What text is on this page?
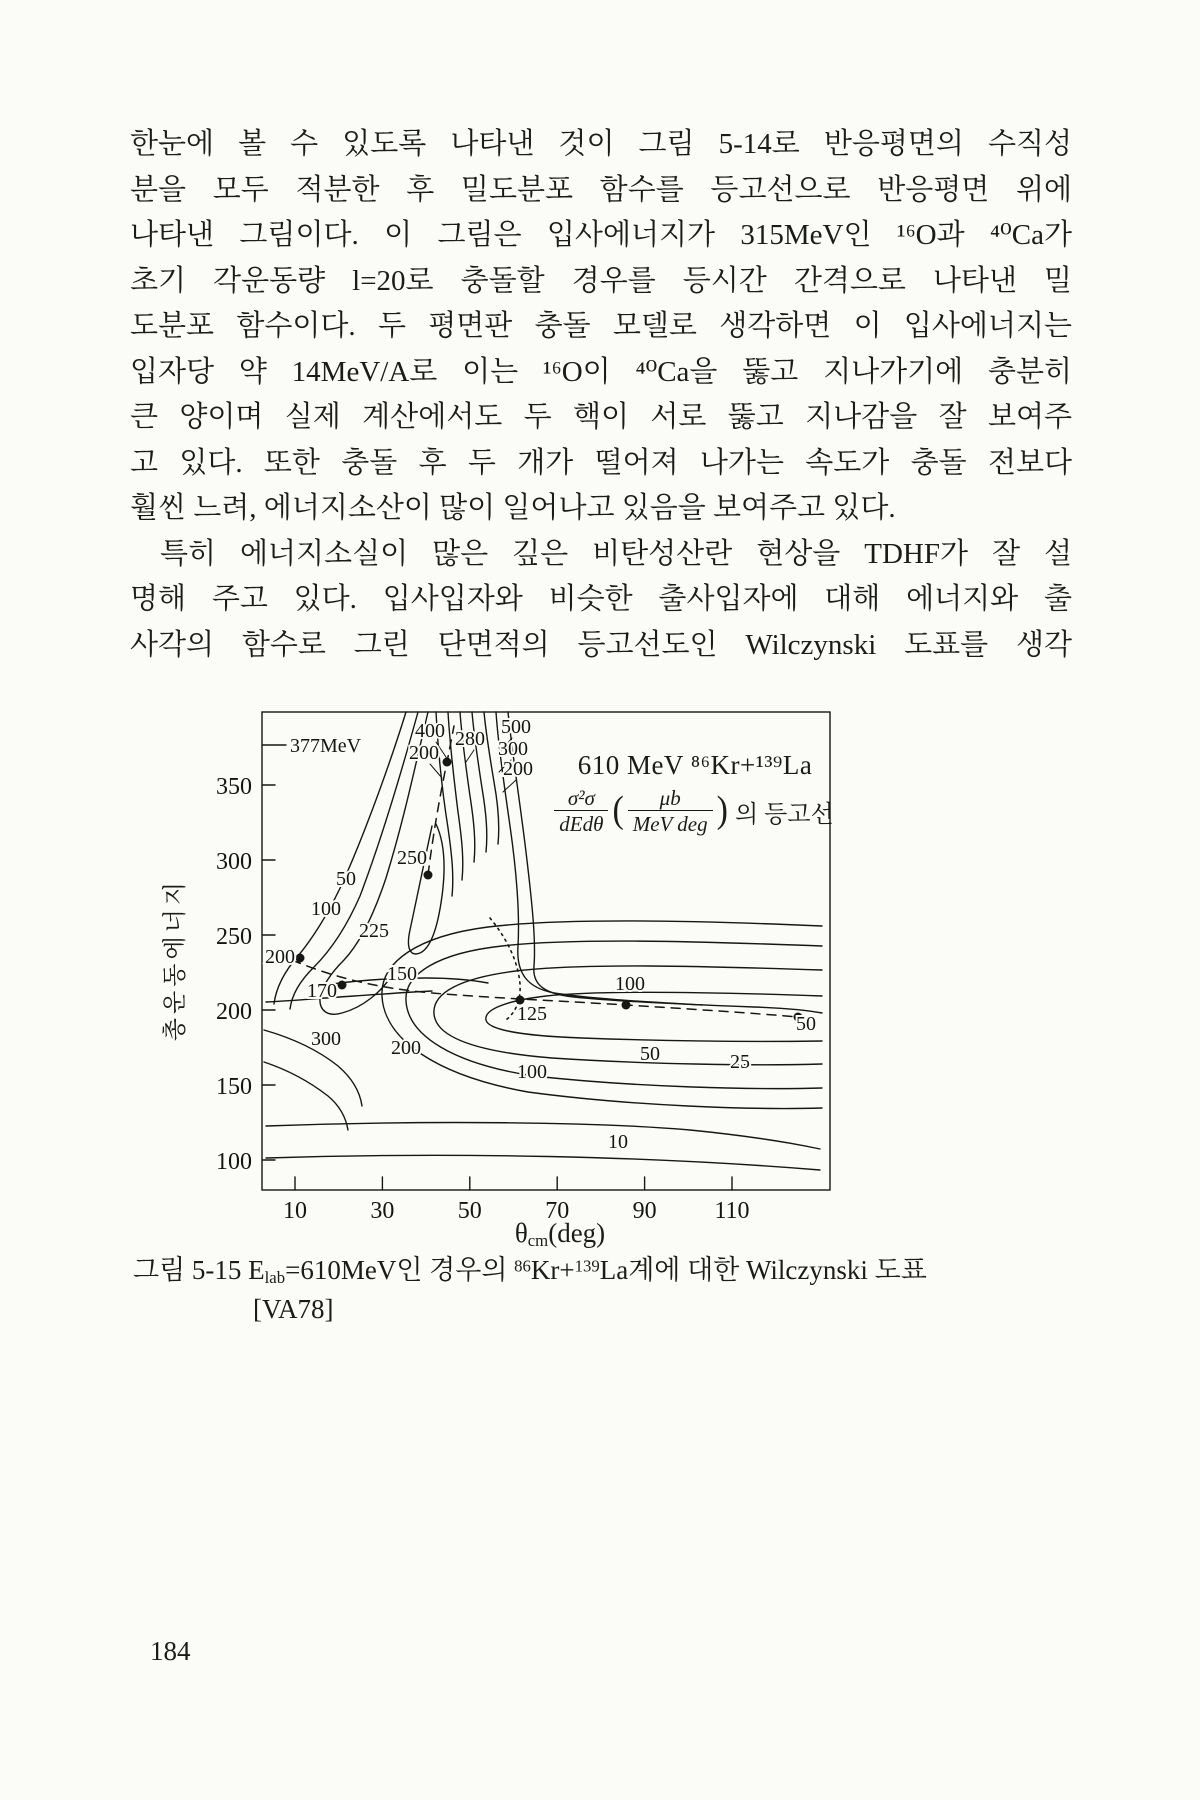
한눈에 볼 수 있도록 나타낸 것이 그림 5-14로 반응평면의 수직성
분을 모두 적분한 후 밀도분포 함수를 등고선으로 반응평면 위에
나타낸 그림이다. 이 그림은 입사에너지가 315MeV인 ¹⁶O과 ⁴⁰Ca가
초기 각운동량 l=20로 충돌할 경우를 등시간 간격으로 나타낸 밀
도분포 함수이다. 두 평면판 충돌 모델로 생각하면 이 입사에너지는
입자당 약 14MeV/A로 이는 ¹⁶O이 ⁴⁰Ca을 뚫고 지나가기에 충분히
큰 양이며 실제 계산에서도 두 핵이 서로 뚫고 지나감을 잘 보여주
고 있다. 또한 충돌 후 두 개가 떨어져 나가는 속도가 충돌 전보다
훨씬 느려, 에너지소산이 많이 일어나고 있음을 보여주고 있다.
특히 에너지소실이 많은 깊은 비탄성산란 현상을 TDHF가 잘 설
명해 주고 있다. 입사입자와 비슷한 출사입자에 대해 에너지와 출
사각의 함수로 그린 단면적의 등고선도인 Wilczynski 도표를 생각
400
200
280
500
300
200
50
100
250
225
200
170
150	100
125	50
300	200
100
50	25
10
377MeV
350
300
250
200
150
100
10	30	50	70	90 110
610 MeV ⁸⁶Kr+¹³⁹La
$\frac{\text{σ²σ}}{\text{dEdθ}}$ ( $\frac{\mu b}{\text{MeV deg}}$ ) 의 등고선
총운동에너지
$\theta_{cm}(deg)$
그림 5-15 $E_{lab}=610MeV$인 경우의 $^{86}$Kr+$^{139}$La계에 대한 Wilczynski 도표
[VA78]
184
